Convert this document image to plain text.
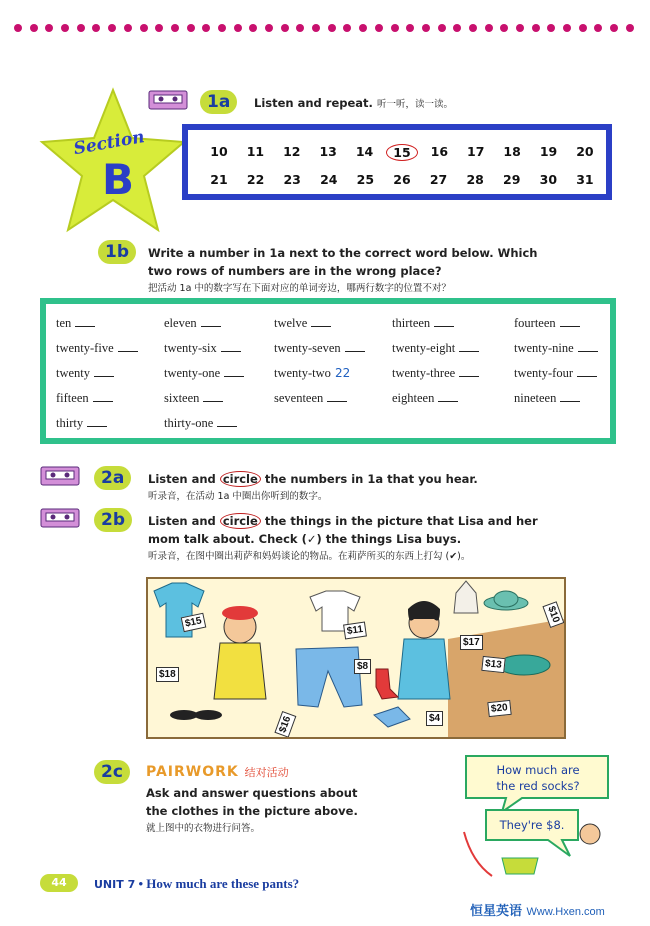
Section
B
1a	Listen and repeat. 听一听，读一读。
10	11	12	13	14	15	16	17	18	19	20
21	22	23	24	25	26	27	28	29	30	31
1b	Write a number in 1a next to the correct word below. Which
two rows of numbers are in the wrong place?
把活动 1a 中的数字写在下面对应的单词旁边，哪两行数字的位置不对？
ten	eleven	twelve	thirteen	fourteen
twenty-five	twenty-six	twenty-seven	twenty-eight	twenty-nine
twenty	twenty-one	twenty-two 22	twenty-three	twenty-four
fifteen	sixteen	seventeen	eighteen	nineteen
thirty	thirty-one
2a	Listen and circle the numbers in 1a that you hear.
听录音，在活动 1a 中圈出你听到的数字。
2b	Listen and circle the things in the picture that Lisa and her
mom talk about. Check (✓) the things Lisa buys.
听录音，在图中圈出莉萨和妈妈谈论的物品。在莉萨所买的东西上打勾 (✔)。
$15
$11
$18
$8
$17
$13
$10
$16	$4
$20
2c	PAIRWORK 结对活动
Ask and answer questions about
the clothes in the picture above.
就上图中的衣物进行问答。
How much are
the red socks?
They're $8.
44	UNIT 7 • How much are these pants?
恒星英语 Www.Hxen.com
